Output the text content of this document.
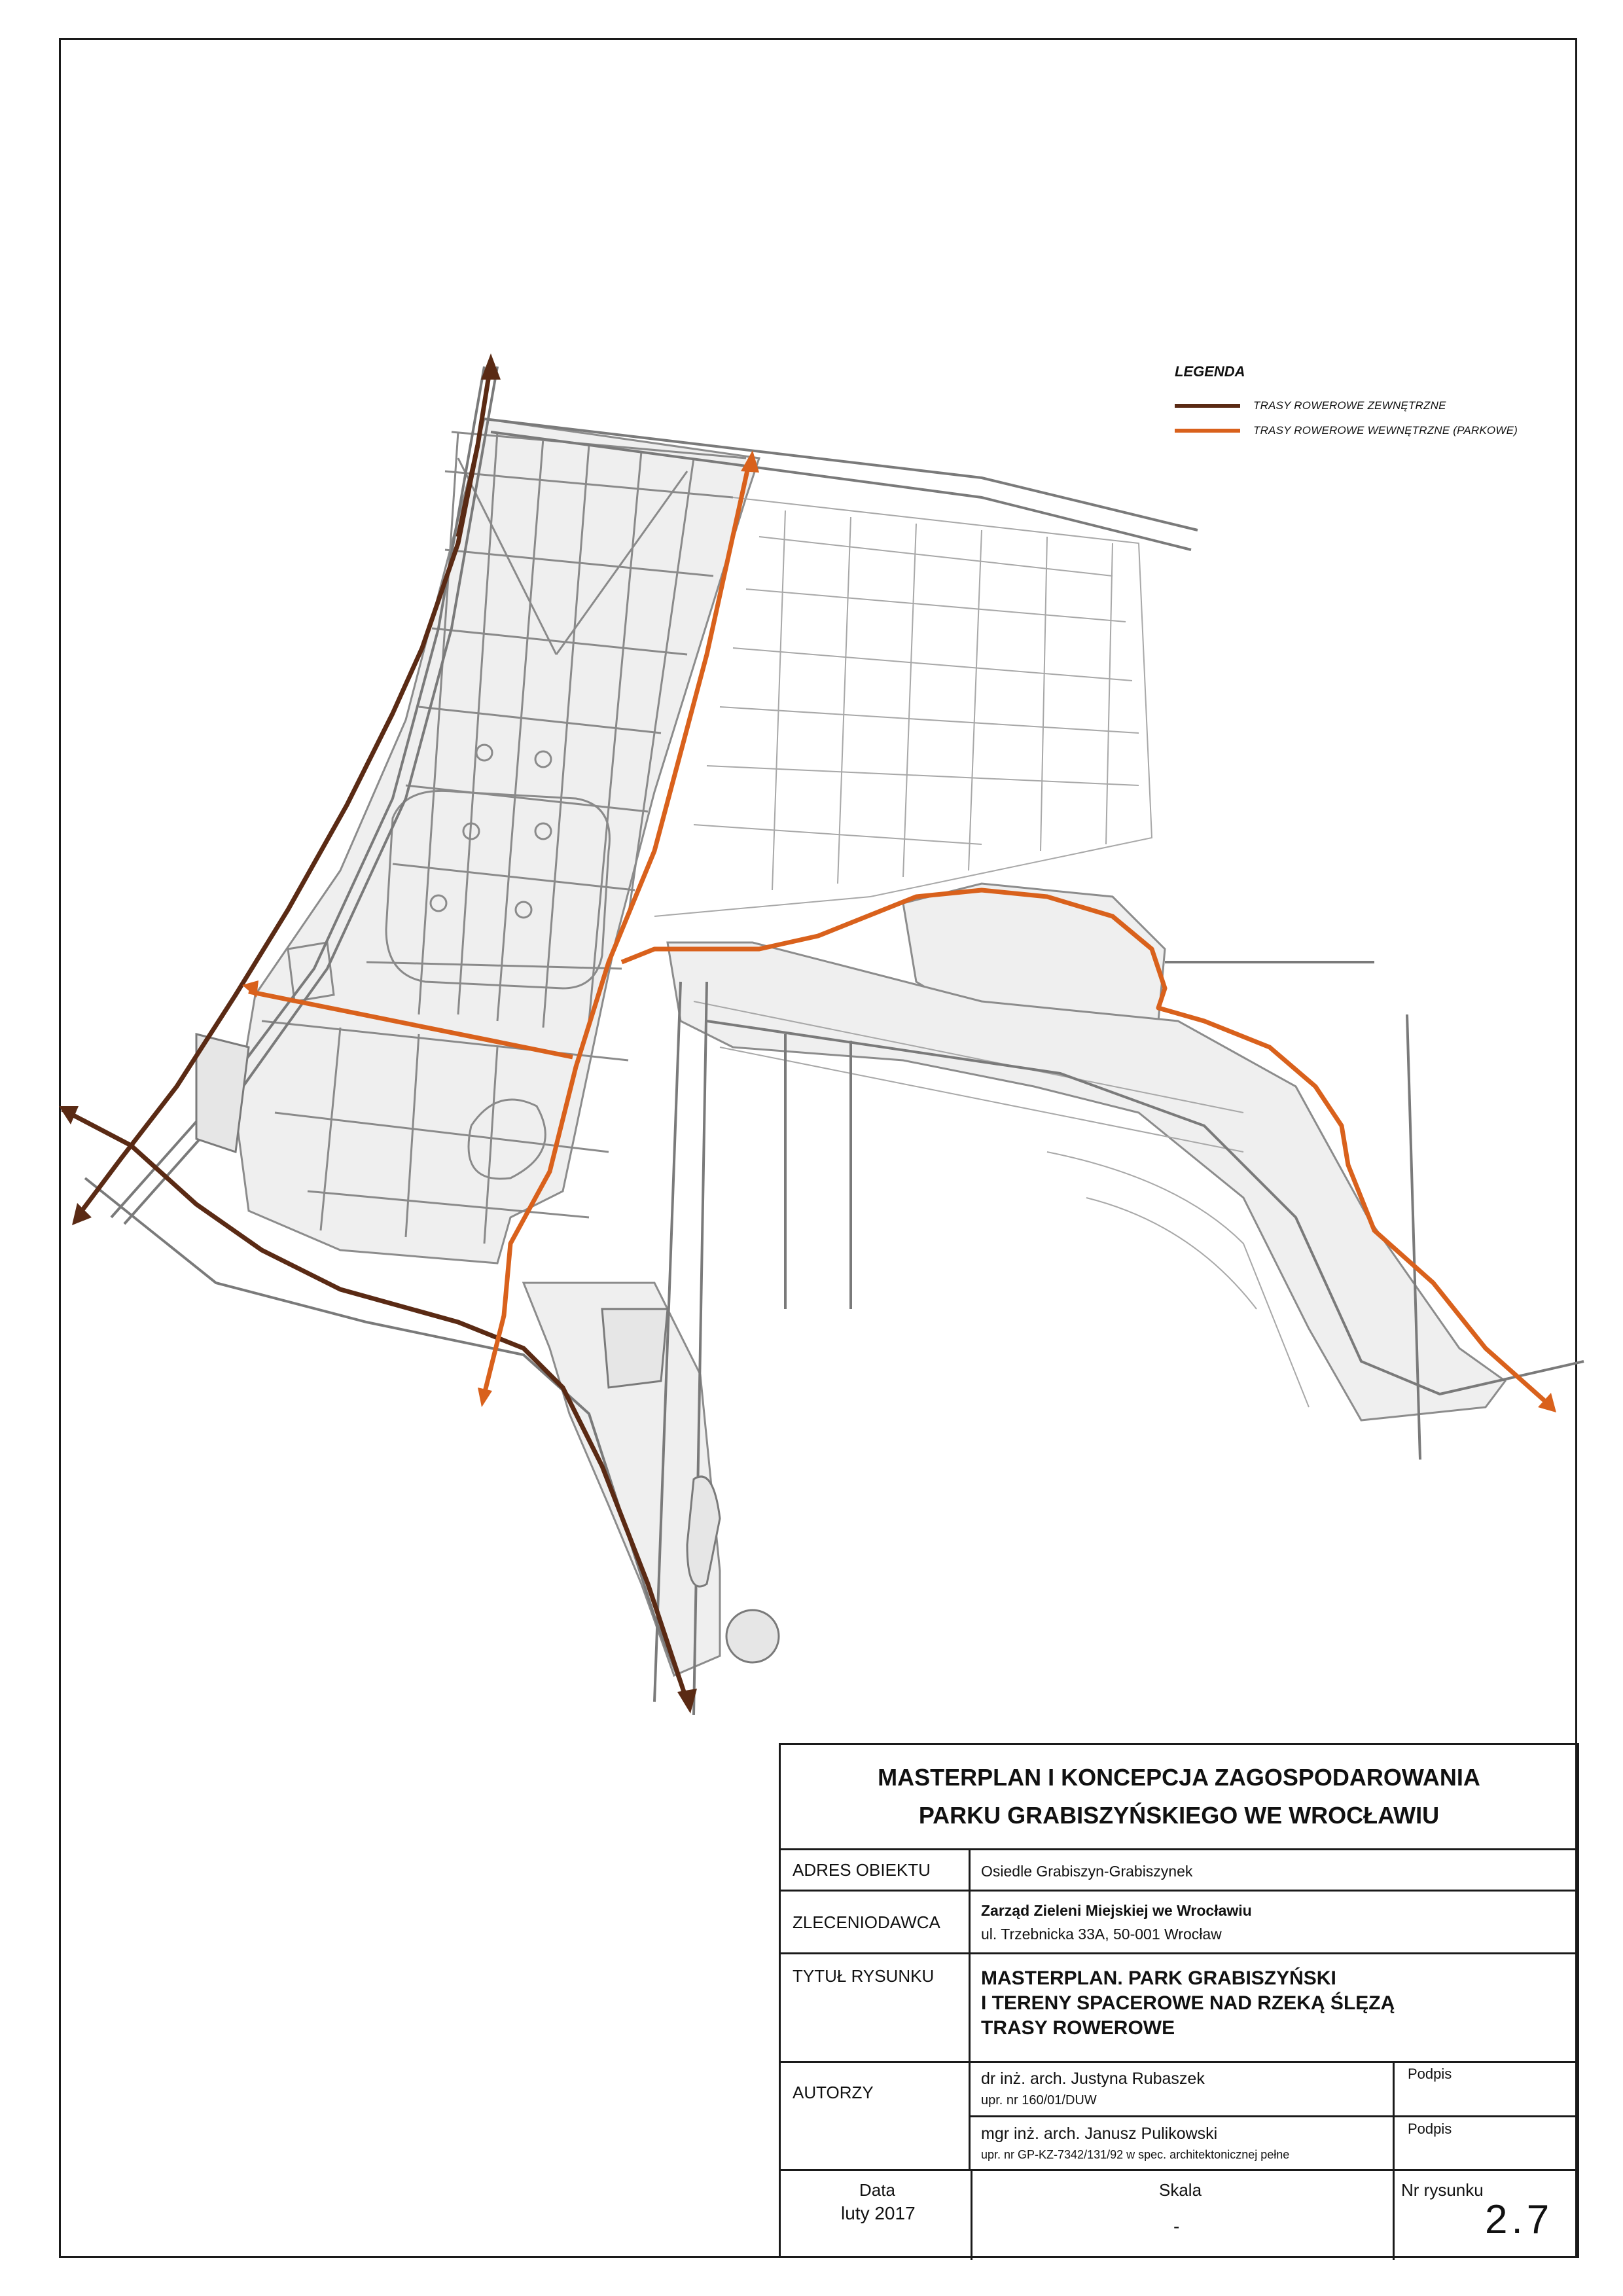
LEGENDA
TRASY ROWEROWE ZEWNĘTRZNE
TRASY ROWEROWE WEWNĘTRZNE (PARKOWE)
MASTERPLAN I KONCEPCJA ZAGOSPODAROWANIA
PARKU GRABISZYŃSKIEGO WE WROCŁAWIU
ADRES OBIEKTU	Osiedle Grabiszyn-Grabiszynek
ZLECENIODAWCA
Zarząd Zieleni Miejskiej we Wrocławiu
ul. Trzebnicka 33A, 50-001 Wrocław
TYTUŁ RYSUNKU MASTERPLAN. PARK GRABISZYŃSKI
I TERENY SPACEROWE NAD RZEKĄ ŚLĘZĄ
TRASY ROWEROWE
AUTORZY
dr inż. arch. Justyna Rubaszek
upr. nr 160/01/DUW
mgr inż. arch. Janusz Pulikowski
upr. nr GP-KZ-7342/131/92 w spec. architektonicznej pełne
Podpis
Podpis
Data
luty 2017
Skala
-
Nr rysunku
2.7
